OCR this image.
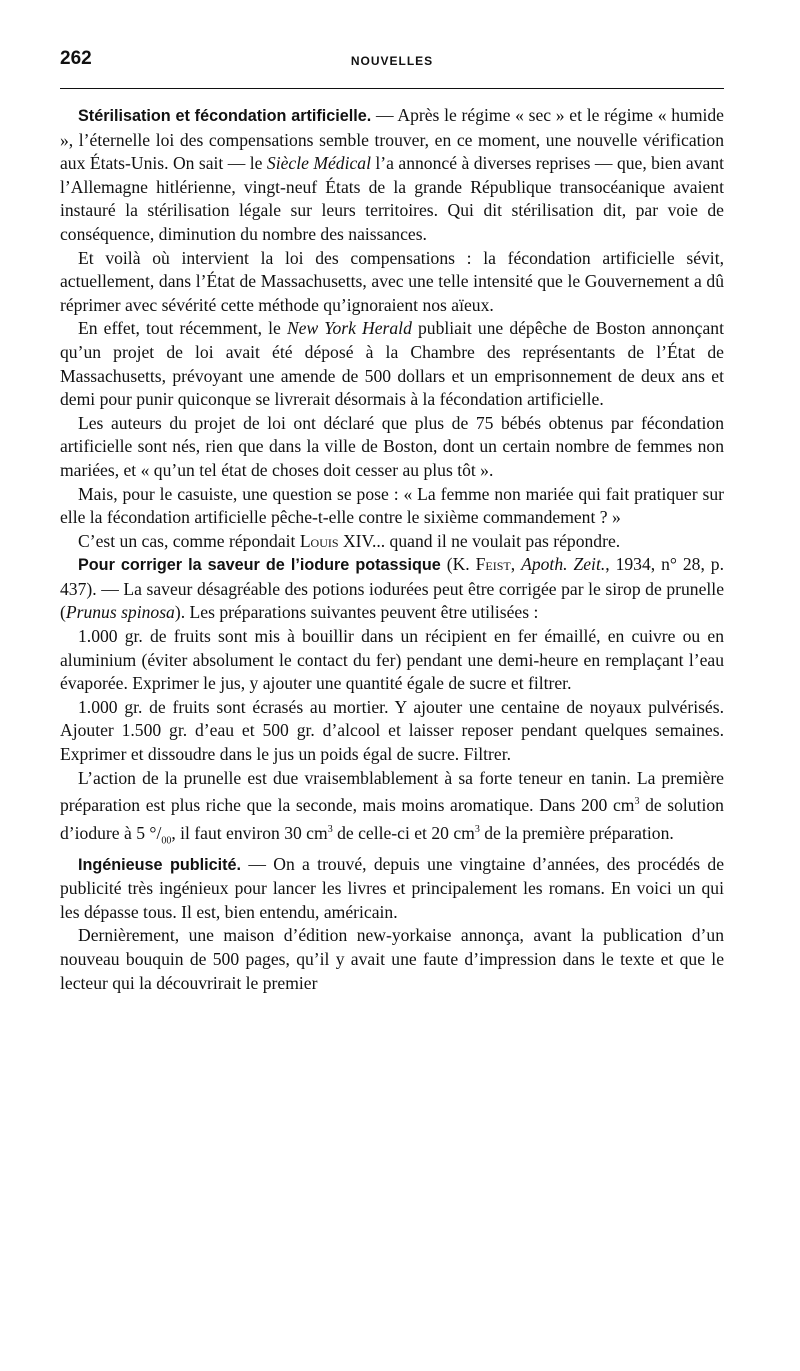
262	NOUVELLES

Stérilisation et fécondation artificielle. — Après le régime « sec » et le régime « humide », l’éternelle loi des compensations semble trouver, en ce moment, une nouvelle vérification aux États-Unis. On sait — le Siècle Médical l’a annoncé à diverses reprises — que, bien avant l’Allemagne hitlérienne, vingt-neuf États de la grande République transocéanique avaient instauré la stérilisation légale sur leurs territoires. Qui dit stérilisation dit, par voie de conséquence, diminution du nombre des naissances.

Et voilà où intervient la loi des compensations : la fécondation artificielle sévit, actuellement, dans l’État de Massachusetts, avec une telle intensité que le Gouvernement a dû réprimer avec sévérité cette méthode qu’ignoraient nos aïeux.

En effet, tout récemment, le New York Herald publiait une dépêche de Boston annonçant qu’un projet de loi avait été déposé à la Chambre des représentants de l’État de Massachusetts, prévoyant une amende de 500 dollars et un emprisonnement de deux ans et demi pour punir quiconque se livrerait désormais à la fécondation artificielle.

Les auteurs du projet de loi ont déclaré que plus de 75 bébés obtenus par fécondation artificielle sont nés, rien que dans la ville de Boston, dont un certain nombre de femmes non mariées, et « qu’un tel état de choses doit cesser au plus tôt ».

Mais, pour le casuiste, une question se pose : « La femme non mariée qui fait pratiquer sur elle la fécondation artificielle pêche-t-elle contre le sixième commandement ? »

C’est un cas, comme répondait Louis XIV... quand il ne voulait pas répondre.

Pour corriger la saveur de l’iodure potassique (K. Feist, Apoth. Zeit., 1934, n° 28, p. 437). — La saveur désagréable des potions iodurées peut être corrigée par le sirop de prunelle (Prunus spinosa). Les préparations suivantes peuvent être utilisées :

1.000 gr. de fruits sont mis à bouillir dans un récipient en fer émaillé, en cuivre ou en aluminium (éviter absolument le contact du fer) pendant une demi-heure en remplaçant l’eau évaporée. Exprimer le jus, y ajouter une quantité égale de sucre et filtrer.

1.000 gr. de fruits sont écrasés au mortier. Y ajouter une centaine de noyaux pulvérisés. Ajouter 1.500 gr. d’eau et 500 gr. d’alcool et laisser reposer pendant quelques semaines. Exprimer et dissoudre dans le jus un poids égal de sucre. Filtrer.

L’action de la prunelle est due vraisemblablement à sa forte teneur en tanin. La première préparation est plus riche que la seconde, mais moins aromatique. Dans 200 $cm^3$ de solution d’iodure à 5 $^\circ/_{00}$, il faut environ 30 $cm^3$ de celle-ci et 20 $cm^3$ de la première préparation.

Ingénieuse publicité. — On a trouvé, depuis une vingtaine d’années, des procédés de publicité très ingénieux pour lancer les livres et principalement les romans. En voici un qui les dépasse tous. Il est, bien entendu, américain.

Dernièrement, une maison d’édition new-yorkaise annonça, avant la publication d’un nouveau bouquin de 500 pages, qu’il y avait une faute d’impression dans le texte et que le lecteur qui la découvrirait le premier
